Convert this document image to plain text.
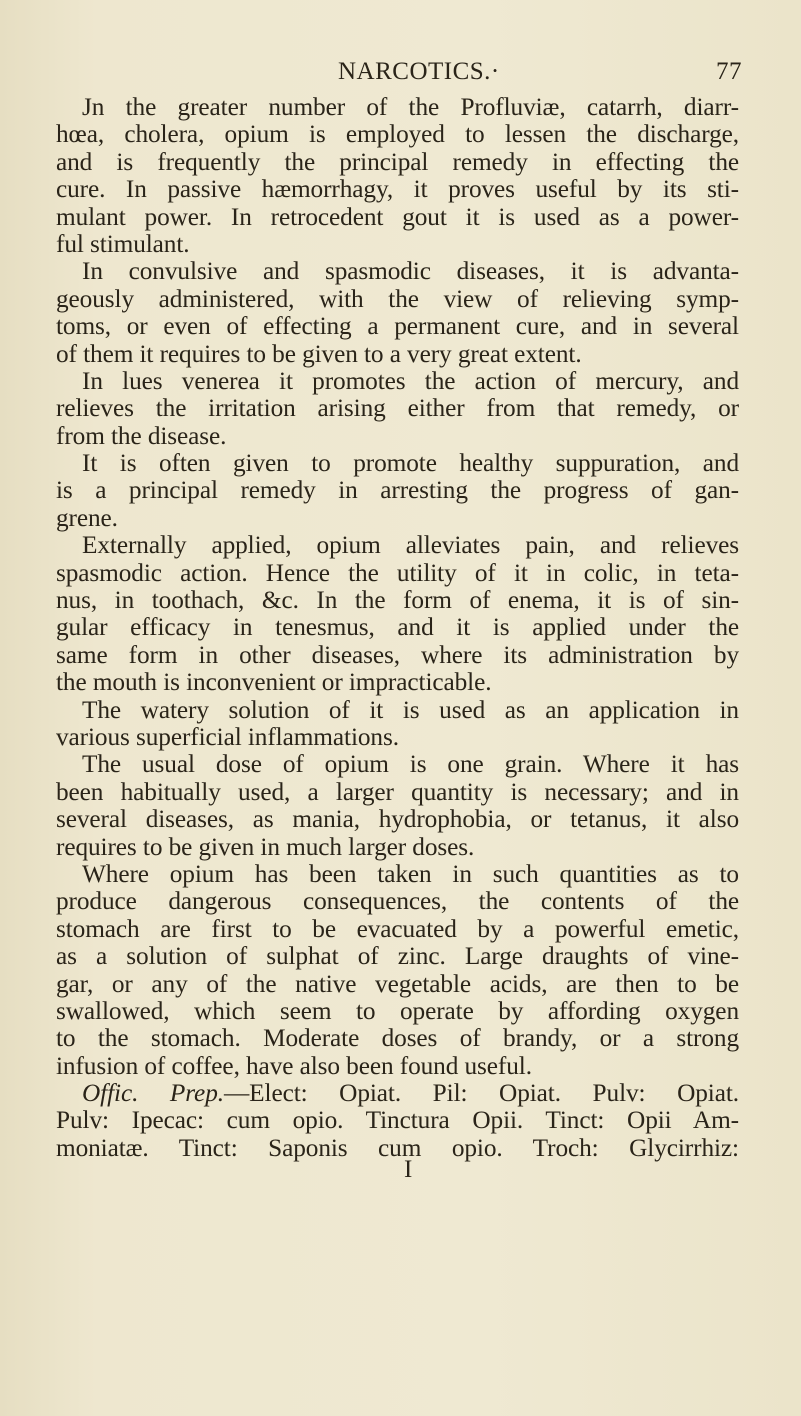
NARCOTICS.·	77
Jn the greater number of the Profluviæ, catarrh, diarr-
hœa, cholera, opium is employed to lessen the discharge,
and is frequently the principal remedy in effecting the
cure. In passive hæmorrhagy, it proves useful by its sti-
mulant power. In retrocedent gout it is used as a power-
ful stimulant.
In convulsive and spasmodic diseases, it is advanta-
geously administered, with the view of relieving symp-
toms, or even of effecting a permanent cure, and in several
of them it requires to be given to a very great extent.
In lues venerea it promotes the action of mercury, and
relieves the irritation arising either from that remedy, or
from the disease.
It is often given to promote healthy suppuration, and
is a principal remedy in arresting the progress of gan-
grene.
Externally applied, opium alleviates pain, and relieves
spasmodic action. Hence the utility of it in colic, in teta-
nus, in toothach, &c. In the form of enema, it is of sin-
gular efficacy in tenesmus, and it is applied under the
same form in other diseases, where its administration by
the mouth is inconvenient or impracticable.
The watery solution of it is used as an application in
various superficial inflammations.
The usual dose of opium is one grain. Where it has
been habitually used, a larger quantity is necessary; and in
several diseases, as mania, hydrophobia, or tetanus, it also
requires to be given in much larger doses.
Where opium has been taken in such quantities as to
produce dangerous consequences, the contents of the
stomach are first to be evacuated by a powerful emetic,
as a solution of sulphat of zinc. Large draughts of vine-
gar, or any of the native vegetable acids, are then to be
swallowed, which seem to operate by affording oxygen
to the stomach. Moderate doses of brandy, or a strong
infusion of coffee, have also been found useful.
Offic. Prep.—Elect: Opiat. Pil: Opiat. Pulv: Opiat.
Pulv: Ipecac: cum opio. Tinctura Opii. Tinct: Opii Am-
moniatæ. Tinct: Saponis cum opio. Troch: Glycirrhiz:
I
